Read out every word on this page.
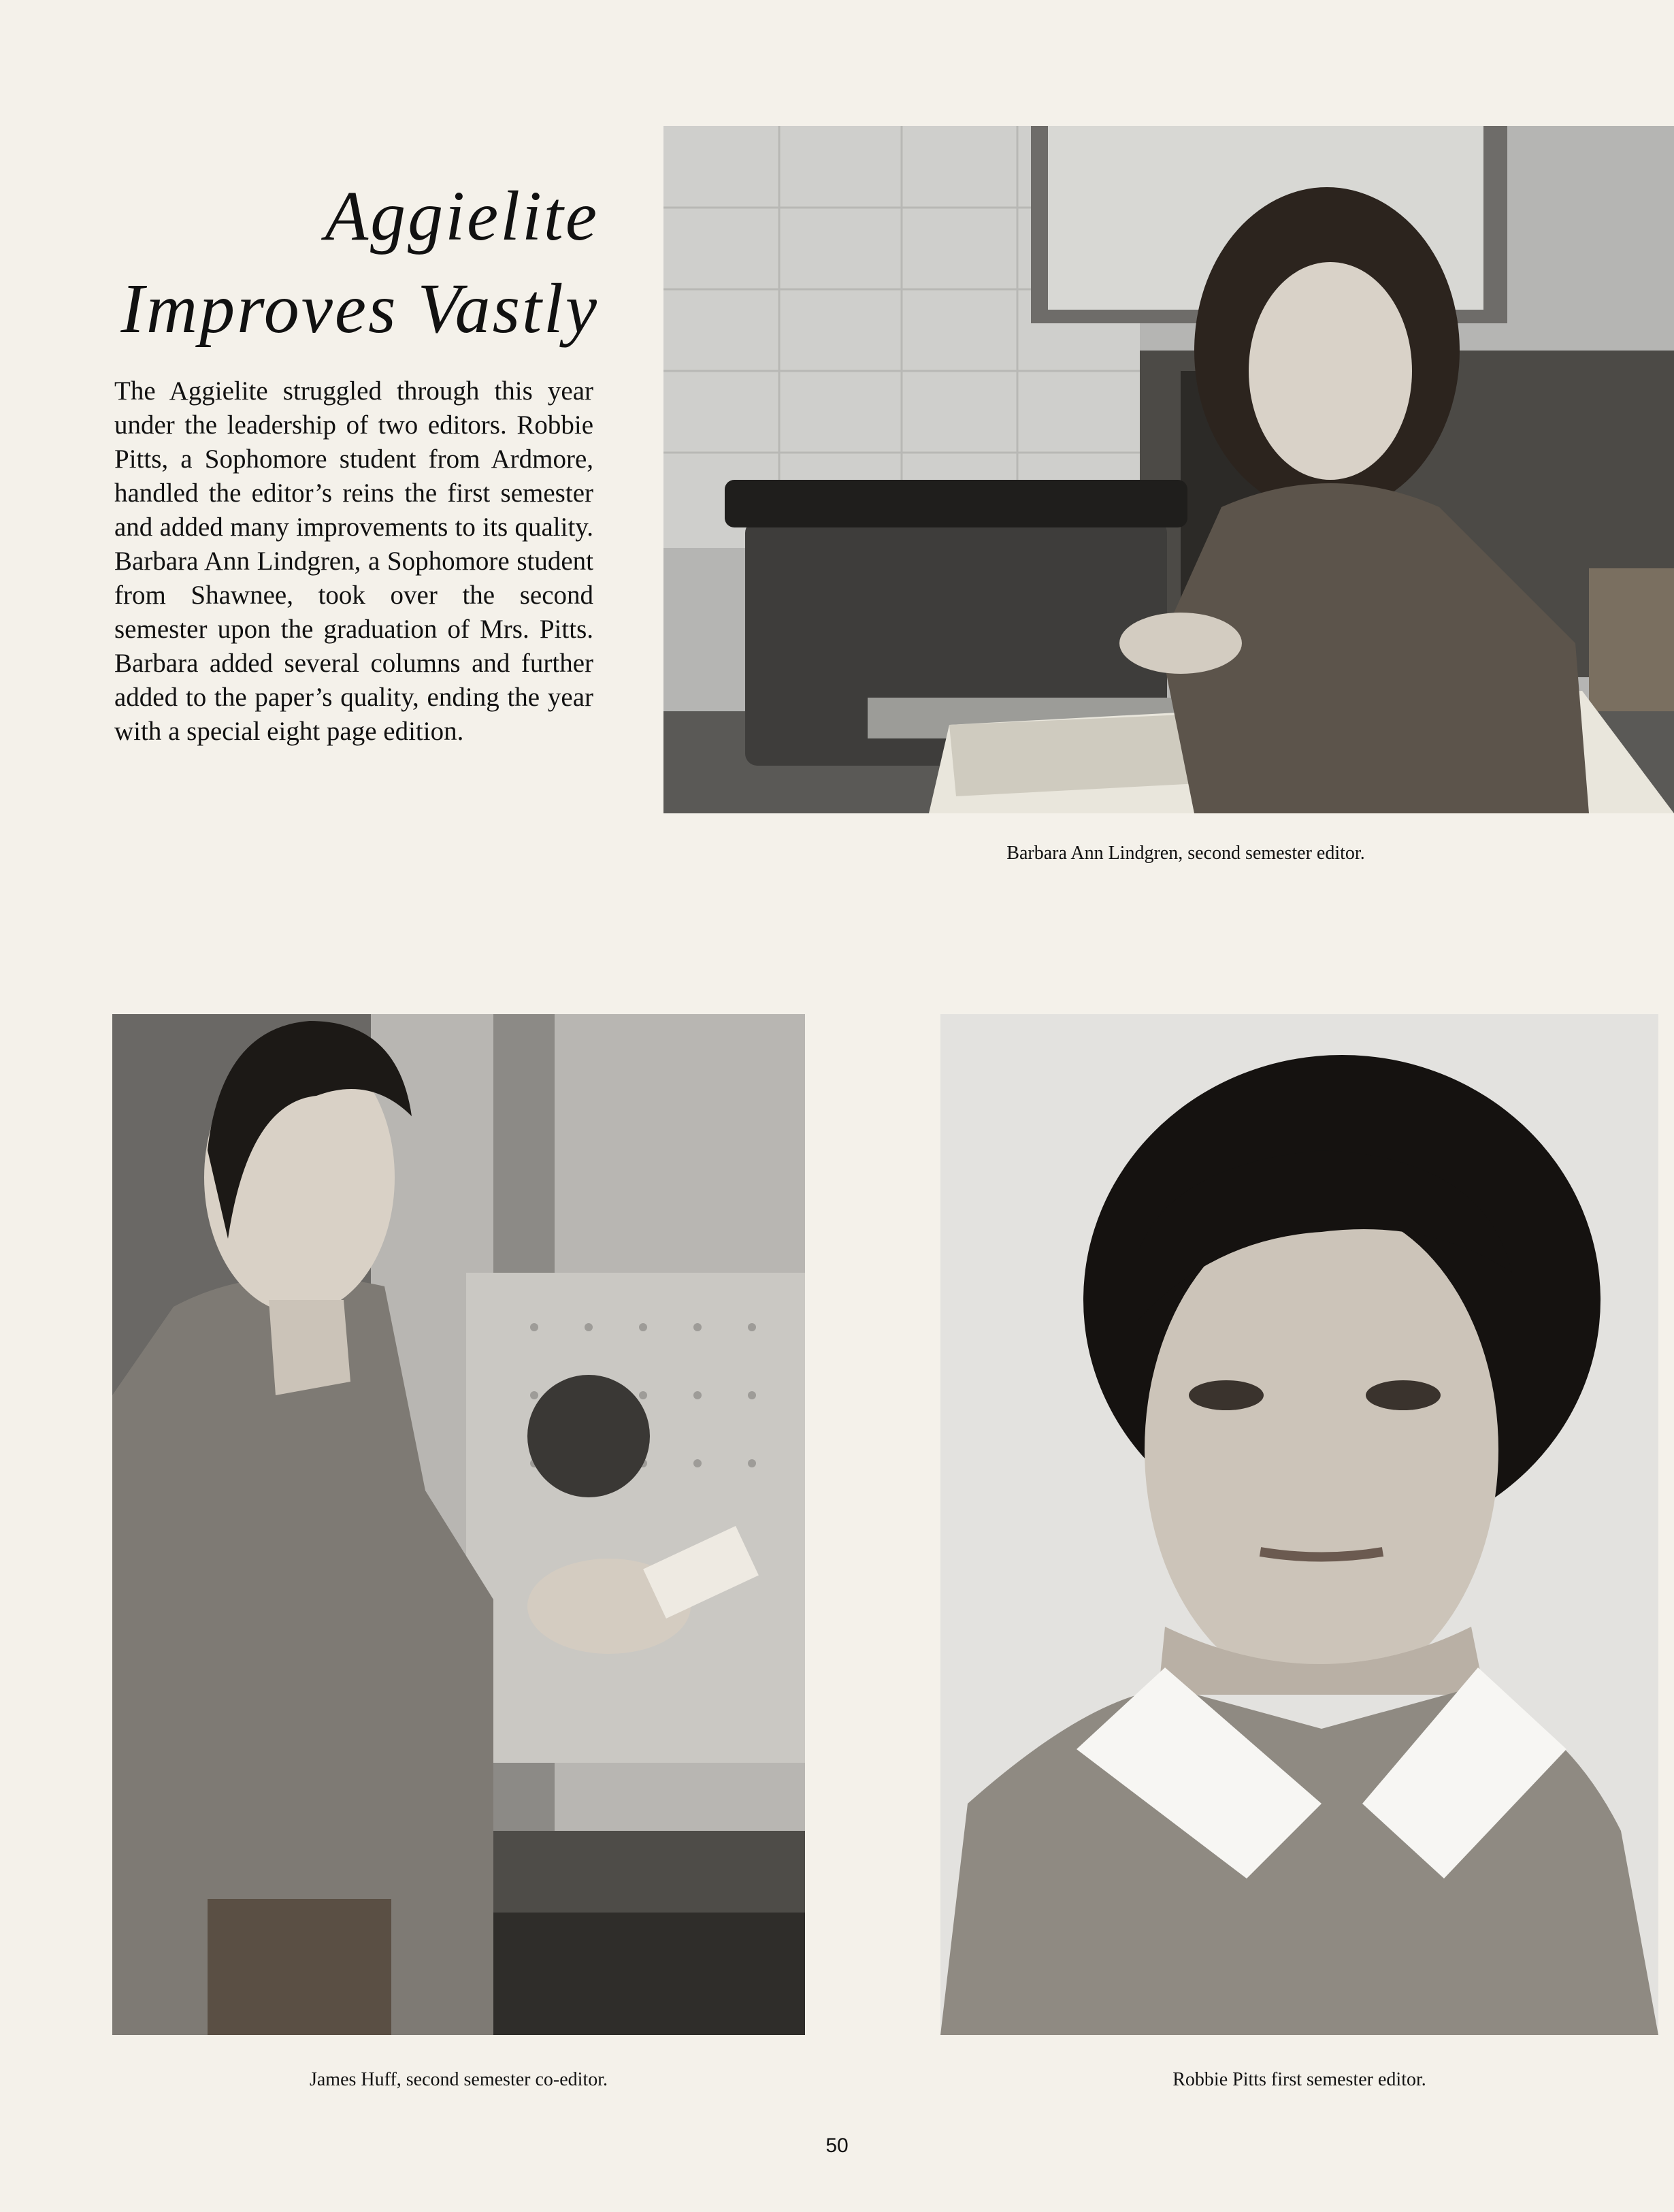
Aggielite
Improves Vastly

The Aggielite struggled through this year under the leadership of two editors. Robbie Pitts, a Sophomore student from Ardmore, handled the editor’s reins the first semester and added many improvements to its quality. Barbara Ann Lindgren, a Sophomore student from Shawnee, took over the second semester upon the graduation of Mrs. Pitts. Barbara added several columns and further added to the paper’s quality, ending the year with a special eight page edition.

Barbara Ann Lindgren, second semester editor.

James Huff, second semester co-editor.	Robbie Pitts first semester editor.

50
